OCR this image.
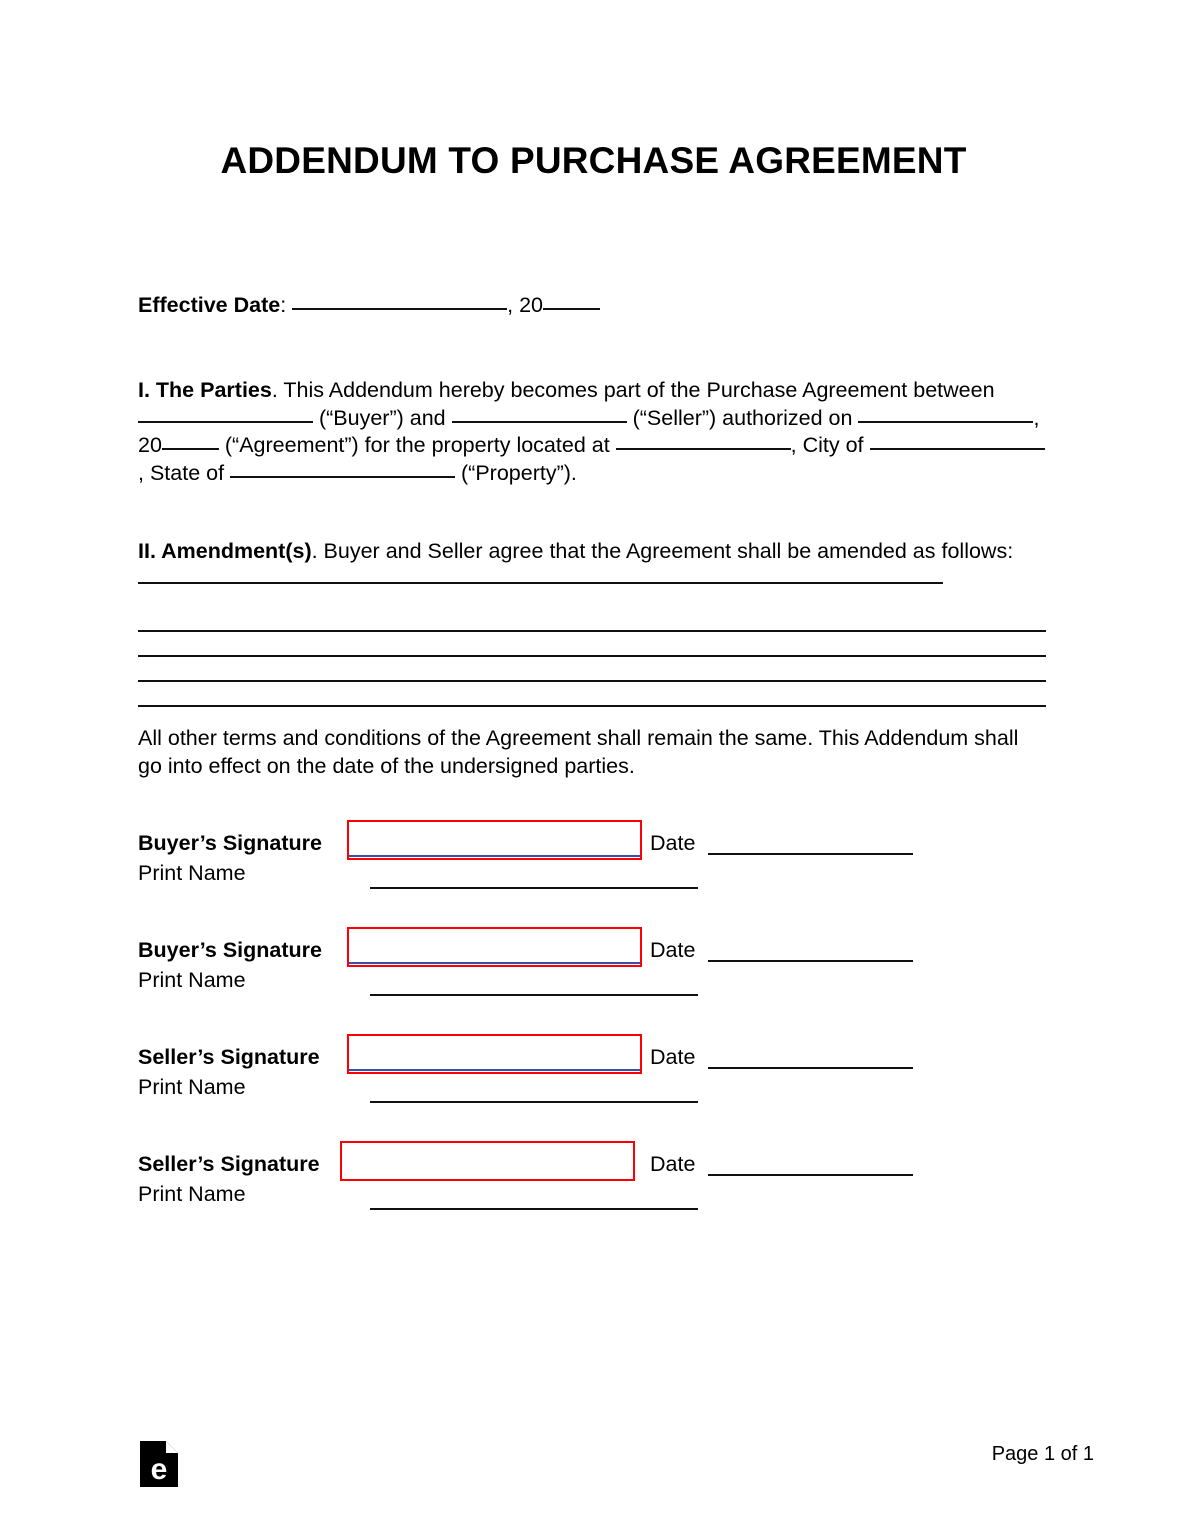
ADDENDUM TO PURCHASE AGREEMENT
Effective Date:	, 20
I. The Parties. This Addendum hereby becomes part of the Purchase Agreement between  (“Buyer”) and	(“Seller”) authorized on	, 20	(“Agreement”) for the property located at	, City of , State of	(“Property”).
II. Amendment(s). Buyer and Seller agree that the Agreement shall be amended as follows:
All other terms and conditions of the Agreement shall remain the same. This Addendum shall go into effect on the date of the undersigned parties.
Buyer’s Signature	Date
Print Name
Buyer’s Signature	Date
Print Name
Seller’s Signature	Date
Print Name
Seller’s Signature	Date
Print Name
e	Page 1 of 1
